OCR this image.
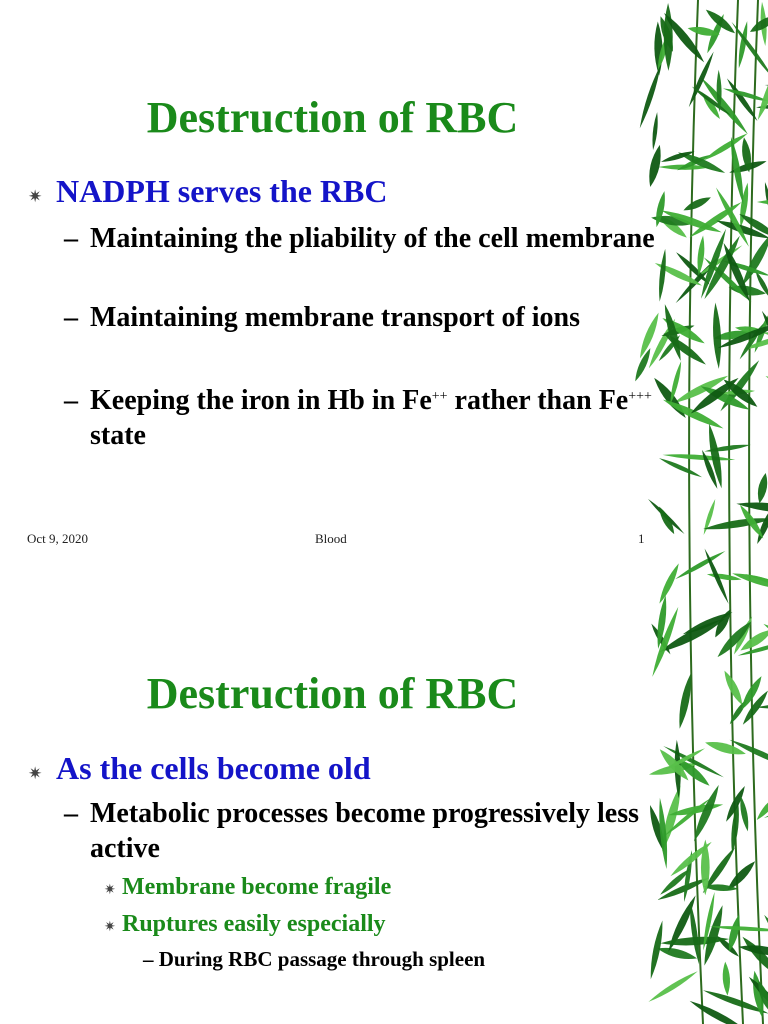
Destruction of RBC
✷ NADPH serves the RBC
– Maintaining the pliability of the cell membrane
– Maintaining membrane transport of ions
– Keeping the iron in Hb in Fe++ rather than Fe+++ state
Oct 9, 2020	Blood	1
Destruction of RBC
✷ As the cells become old
– Metabolic processes become progressively less active
✷ Membrane become fragile
✷ Ruptures easily especially
– During RBC passage through spleen
